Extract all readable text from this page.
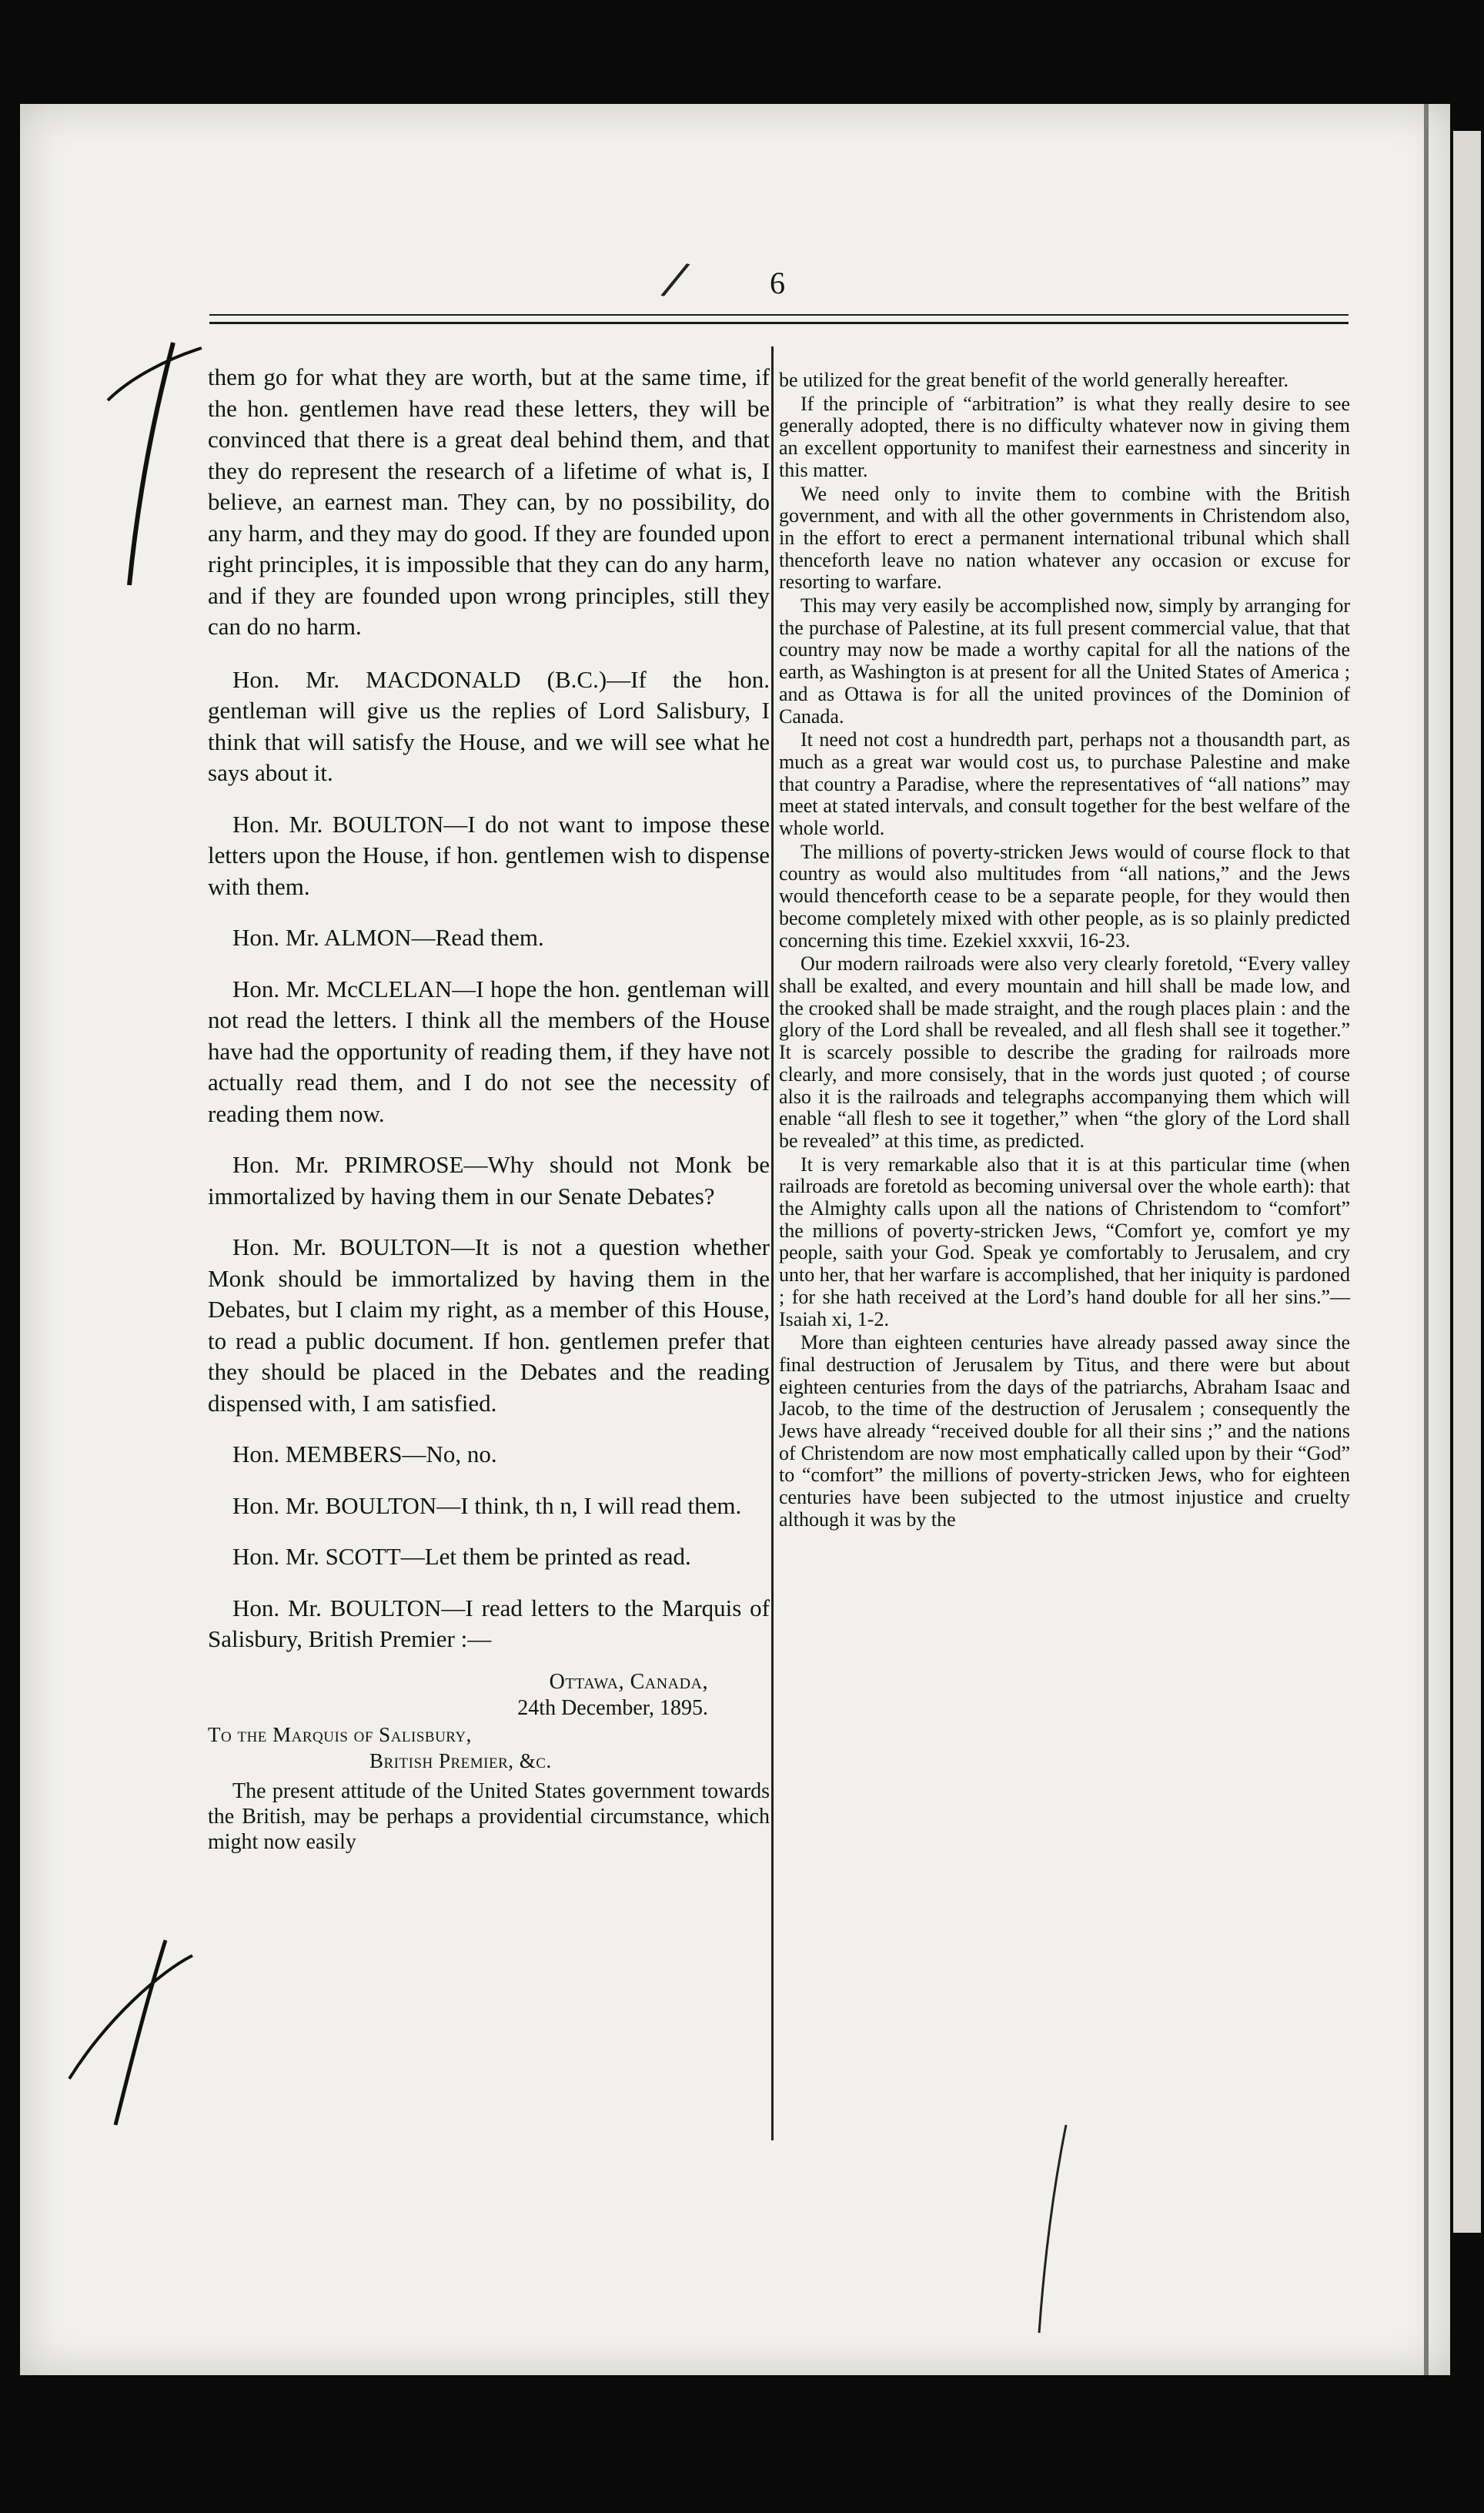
/	6

them go for what they are worth, but at the same time, if the hon. gentlemen have read these letters, they will be convinced that there is a great deal behind them, and that they do represent the research of a lifetime of what is, I believe, an earnest man. They can, by no possibility, do any harm, and they may do good. If they are founded upon right principles, it is impossible that they can do any harm, and if they are founded upon wrong principles, still they can do no harm.

Hon. Mr. MACDONALD (B.C.)—If the hon. gentleman will give us the replies of Lord Salisbury, I think that will satisfy the House, and we will see what he says about it.

Hon. Mr. BOULTON—I do not want to impose these letters upon the House, if hon. gentlemen wish to dispense with them.

Hon. Mr. ALMON—Read them.

Hon. Mr. McCLELAN—I hope the hon. gentleman will not read the letters. I think all the members of the House have had the opportunity of reading them, if they have not actually read them, and I do not see the necessity of reading them now.

Hon. Mr. PRIMROSE—Why should not Monk be immortalized by having them in our Senate Debates?

Hon. Mr. BOULTON—It is not a question whether Monk should be immortalized by having them in the Debates, but I claim my right, as a member of this House, to read a public document. If hon. gentlemen prefer that they should be placed in the Debates and the reading dispensed with, I am satisfied.

Hon. MEMBERS—No, no.

Hon. Mr. BOULTON—I think, th n, I will read them.

Hon. Mr. SCOTT—Let them be printed as read.

Hon. Mr. BOULTON—I read letters to the Marquis of Salisbury, British Premier :—

Ottawa, Canada,
24th December, 1895.
To the Marquis of Salisbury,
British Premier, &c.

The present attitude of the United States government towards the British, may be perhaps a providential circumstance, which might now easily

be utilized for the great benefit of the world generally hereafter.

If the principle of “arbitration” is what they really desire to see generally adopted, there is no difficulty whatever now in giving them an excellent opportunity to manifest their earnestness and sincerity in this matter.

We need only to invite them to combine with the British government, and with all the other governments in Christendom also, in the effort to erect a permanent international tribunal which shall thenceforth leave no nation whatever any occasion or excuse for resorting to warfare.

This may very easily be accomplished now, simply by arranging for the purchase of Palestine, at its full present commercial value, that that country may now be made a worthy capital for all the nations of the earth, as Washington is at present for all the United States of America ; and as Ottawa is for all the united provinces of the Dominion of Canada.

It need not cost a hundredth part, perhaps not a thousandth part, as much as a great war would cost us, to purchase Palestine and make that country a Paradise, where the representatives of “all nations” may meet at stated intervals, and consult together for the best welfare of the whole world.

The millions of poverty-stricken Jews would of course flock to that country as would also multitudes from “all nations,” and the Jews would thenceforth cease to be a separate people, for they would then become completely mixed with other people, as is so plainly predicted concerning this time. Ezekiel xxxvii, 16-23.

Our modern railroads were also very clearly foretold, “Every valley shall be exalted, and every mountain and hill shall be made low, and the crooked shall be made straight, and the rough places plain : and the glory of the Lord shall be revealed, and all flesh shall see it together.” It is scarcely possible to describe the grading for railroads more clearly, and more consisely, that in the words just quoted ; of course also it is the railroads and telegraphs accompanying them which will enable “all flesh to see it together,” when “the glory of the Lord shall be revealed” at this time, as predicted.

It is very remarkable also that it is at this particular time (when railroads are foretold as becoming universal over the whole earth): that the Almighty calls upon all the nations of Christendom to “comfort” the millions of poverty-stricken Jews, “Comfort ye, comfort ye my people, saith your God. Speak ye comfortably to Jerusalem, and cry unto her, that her warfare is accomplished, that her iniquity is pardoned ; for she hath received at the Lord’s hand double for all her sins.”—Isaiah xi, 1-2.

More than eighteen centuries have already passed away since the final destruction of Jerusalem by Titus, and there were but about eighteen centuries from the days of the patriarchs, Abraham Isaac and Jacob, to the time of the destruction of Jerusalem ; consequently the Jews have already “received double for all their sins ;” and the nations of Christendom are now most emphatically called upon by their “God” to “comfort” the millions of poverty-stricken Jews, who for eighteen centuries have been subjected to the utmost injustice and cruelty although it was by the
